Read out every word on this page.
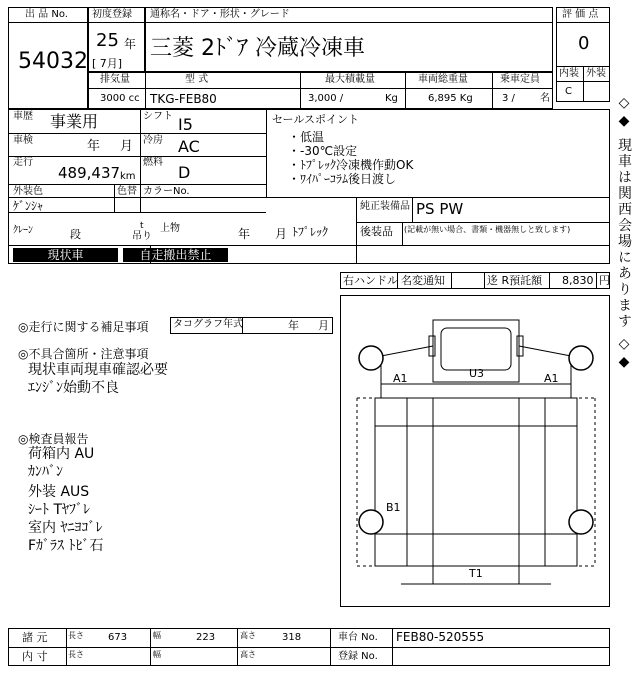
出 品 No.
54032
初度登録
25 年
[ 7月]
通称名・ドア・形状・グレード
三菱 2ﾄﾞｱ 冷蔵冷凍車
評 価 点
0
内装 外装
C
排気量	型 式	最大積載量	車両総重量	乗車定員
3000 cc TKG-FEB80	3,000 /	Kg	6,895 Kg	3 /	名
車歴 事業用
車検	年 月
走行
489,437 km
シフト I5
冷房 AC
燃料
D
外装色
ｹﾞﾝｼｬ
色替 カラーNo.
ｸﾚｰﾝ	段
t
吊り
上物	年 月 ﾄﾌﾟﾚｯｸ
セールスポイント
・低温
・-30℃設定
・ﾄﾌﾟﾚｯｸ冷凍機作動OK
・ﾜｲﾊﾟｰｺﾗﾑ後日渡し
純正装備品 PS PW
後装品 (記載が無い場合、書類・機器無しと致します)
現状車	自走搬出禁止
右ハンドル 名変通知	迻 R預託額 8,830 円 ◇◆ 現車は関西会場にあります ◇◆
◎走行に関する補足事項 タコグラフ年式	年 月
◎不具合箇所・注意事項
現状車両現車確認必要
ｴﾝｼﾞﾝ始動不良
◎検査員報告
荷箱内 AU
ｶﾝﾊﾞﾝ
外装 AUS
ｼｰﾄ Tﾔﾌﾞﾚ
室内 ﾔﾆﾖｺﾞﾚ
Fｶﾞﾗｽ ﾄﾋﾞ石
A1	U3	A1
B1
T1
諸 元	長さ 673	幅	223	高さ	318	車台 No. FEB80-520555
内 寸	長さ	幅	高さ	登録 No.
